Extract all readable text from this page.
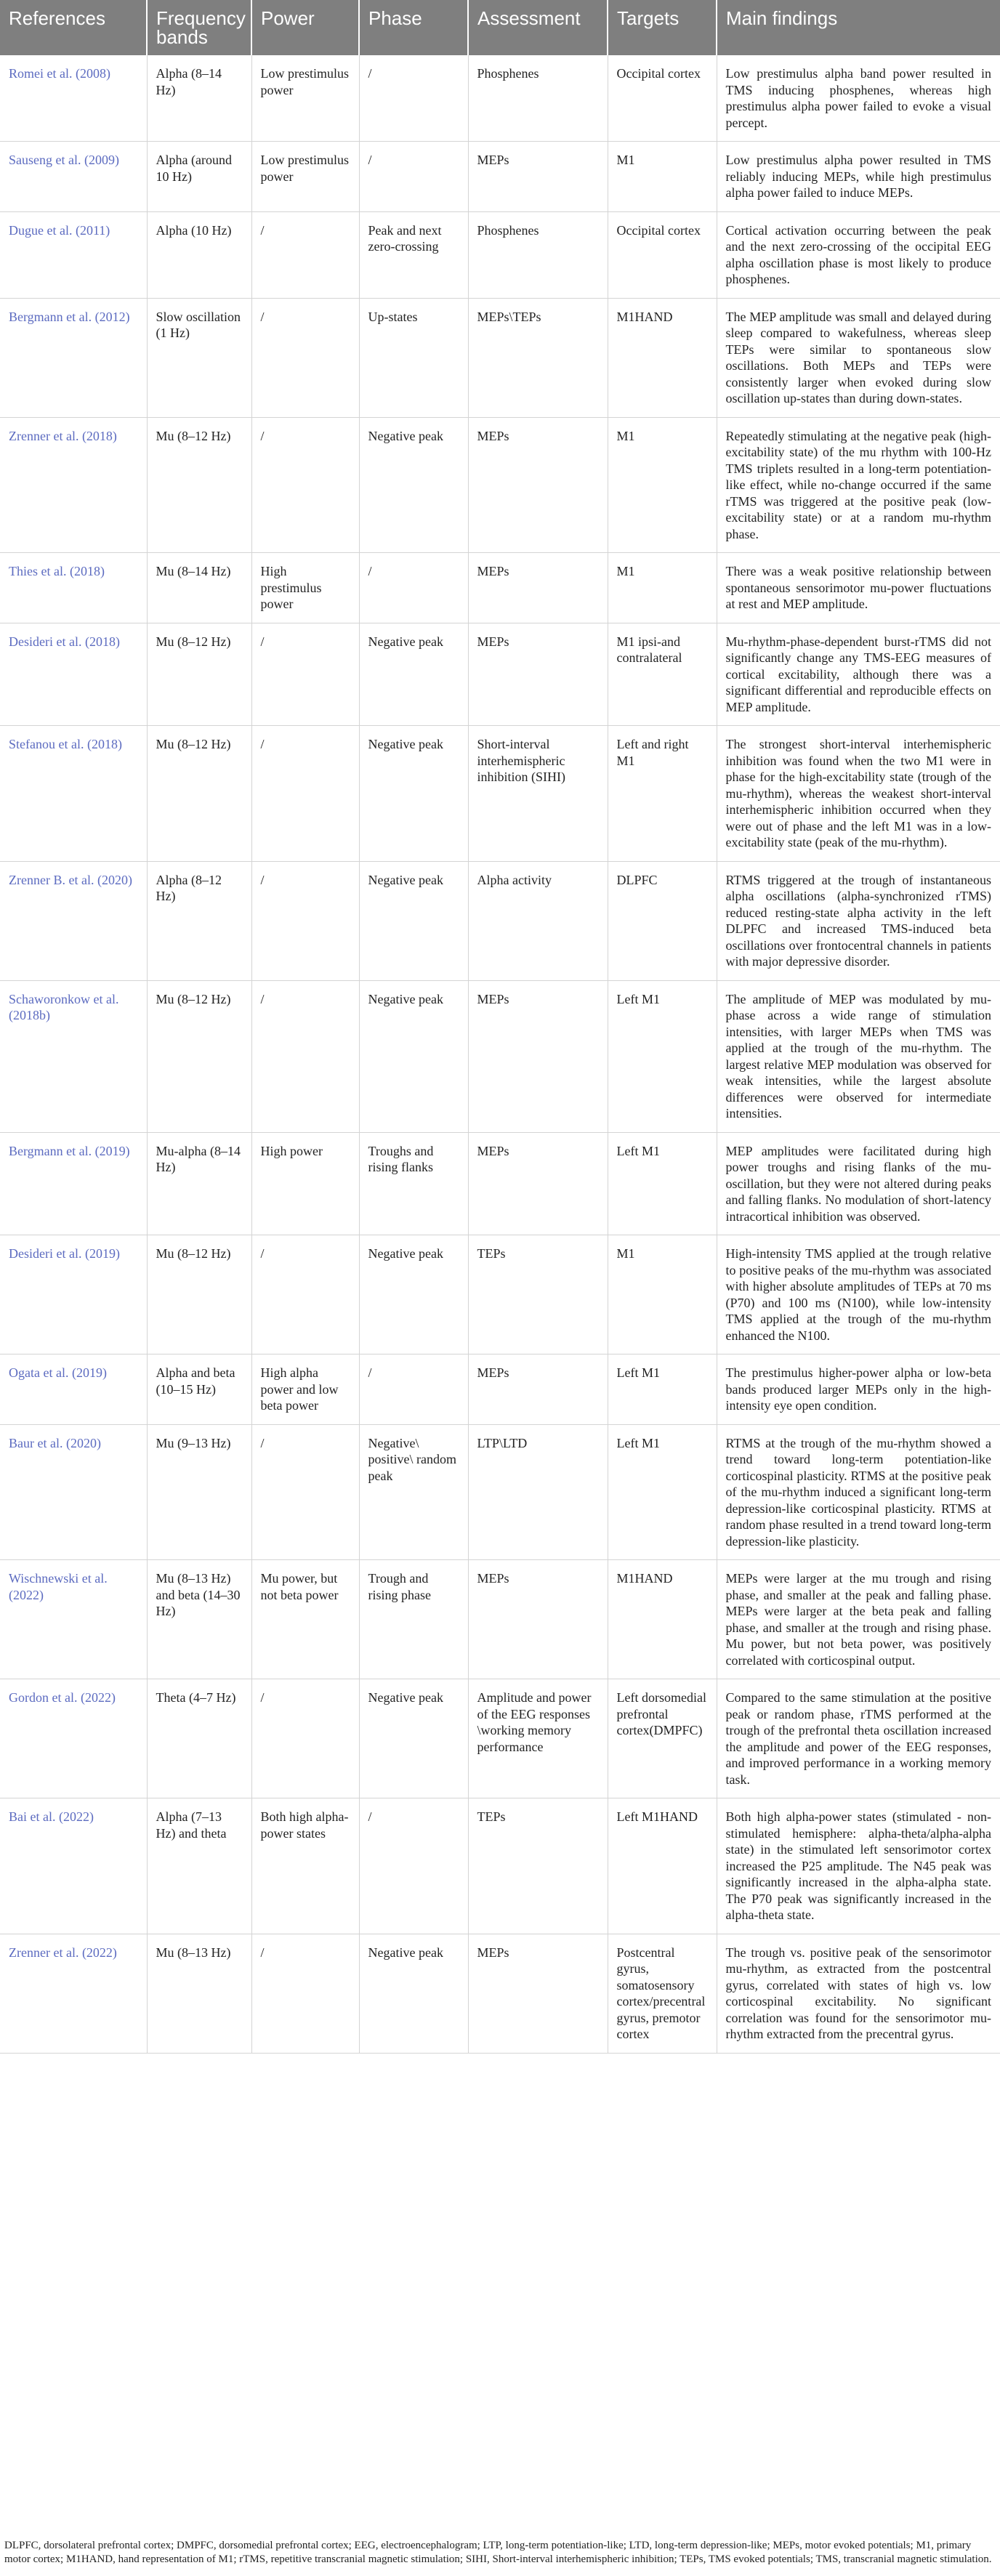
References	Frequency bands	Power	Phase	Assessment	Targets	Main findings
Romei et al. (2008)	Alpha (8–14 Hz)	Low prestimulus power	/	Phosphenes	Occipital cortex	Low prestimulus alpha band power resulted in TMS inducing phosphenes, whereas high prestimulus alpha power failed to evoke a visual percept.
Sauseng et al. (2009)	Alpha (around 10 Hz)	Low prestimulus power	/	MEPs	M1	Low prestimulus alpha power resulted in TMS reliably inducing MEPs, while high prestimulus alpha power failed to induce MEPs.
Dugue et al. (2011)	Alpha (10 Hz)	/	Peak and next zero-crossing	Phosphenes	Occipital cortex	Cortical activation occurring between the peak and the next zero-crossing of the occipital EEG alpha oscillation phase is most likely to produce phosphenes.
Bergmann et al. (2012)	Slow oscillation (1 Hz)	/	Up-states	MEPs\TEPs	M1HAND	The MEP amplitude was small and delayed during sleep compared to wakefulness, whereas sleep TEPs were similar to spontaneous slow oscillations. Both MEPs and TEPs were consistently larger when evoked during slow oscillation up-states than during down-states.
Zrenner et al. (2018)	Mu (8–12 Hz)	/	Negative peak	MEPs	M1	Repeatedly stimulating at the negative peak (high-excitability state) of the mu rhythm with 100-Hz TMS triplets resulted in a long-term potentiation-like effect, while no-change occurred if the same rTMS was triggered at the positive peak (low-excitability state) or at a random mu-rhythm phase.
Thies et al. (2018)	Mu (8–14 Hz)	High prestimulus power	/	MEPs	M1	There was a weak positive relationship between spontaneous sensorimotor mu-power fluctuations at rest and MEP amplitude.
Desideri et al. (2018)	Mu (8–12 Hz)	/	Negative peak	MEPs	M1 ipsi-and contralateral	Mu-rhythm-phase-dependent burst-rTMS did not significantly change any TMS-EEG measures of cortical excitability, although there was a significant differential and reproducible effects on MEP amplitude.
Stefanou et al. (2018)	Mu (8–12 Hz)	/	Negative peak	Short-interval interhemispheric inhibition (SIHI)	Left and right M1	The strongest short-interval interhemispheric inhibition was found when the two M1 were in phase for the high-excitability state (trough of the mu-rhythm), whereas the weakest short-interval interhemispheric inhibition occurred when they were out of phase and the left M1 was in a low-excitability state (peak of the mu-rhythm).
Zrenner B. et al. (2020)	Alpha (8–12 Hz)	/	Negative peak	Alpha activity	DLPFC	RTMS triggered at the trough of instantaneous alpha oscillations (alpha-synchronized rTMS) reduced resting-state alpha activity in the left DLPFC and increased TMS-induced beta oscillations over frontocentral channels in patients with major depressive disorder.
Schaworonkow et al. (2018b)	Mu (8–12 Hz)	/	Negative peak	MEPs	Left M1	The amplitude of MEP was modulated by mu-phase across a wide range of stimulation intensities, with larger MEPs when TMS was applied at the trough of the mu-rhythm. The largest relative MEP modulation was observed for weak intensities, while the largest absolute differences were observed for intermediate intensities.
Bergmann et al. (2019)	Mu-alpha (8–14 Hz)	High power	Troughs and rising flanks	MEPs	Left M1	MEP amplitudes were facilitated during high power troughs and rising flanks of the mu-oscillation, but they were not altered during peaks and falling flanks. No modulation of short-latency intracortical inhibition was observed.
Desideri et al. (2019)	Mu (8–12 Hz)	/	Negative peak	TEPs	M1	High-intensity TMS applied at the trough relative to positive peaks of the mu-rhythm was associated with higher absolute amplitudes of TEPs at 70 ms (P70) and 100 ms (N100), while low-intensity TMS applied at the trough of the mu-rhythm enhanced the N100.
Ogata et al. (2019)	Alpha and beta (10–15 Hz)	High alpha power and low beta power	/	MEPs	Left M1	The prestimulus higher-power alpha or low-beta bands produced larger MEPs only in the high-intensity eye open condition.
Baur et al. (2020)	Mu (9–13 Hz)	/	Negative\ positive\ random peak	LTP\LTD	Left M1	RTMS at the trough of the mu-rhythm showed a trend toward long-term potentiation-like corticospinal plasticity. RTMS at the positive peak of the mu-rhythm induced a significant long-term depression-like corticospinal plasticity. RTMS at random phase resulted in a trend toward long-term depression-like plasticity.
Wischnewski et al. (2022)	Mu (8–13 Hz) and beta (14–30 Hz)	Mu power, but not beta power	Trough and rising phase	MEPs	M1HAND	MEPs were larger at the mu trough and rising phase, and smaller at the peak and falling phase. MEPs were larger at the beta peak and falling phase, and smaller at the trough and rising phase. Mu power, but not beta power, was positively correlated with corticospinal output.
Gordon et al. (2022)	Theta (4–7 Hz)	/	Negative peak	Amplitude and power of the EEG responses \working memory performance	Left dorsomedial prefrontal cortex(DMPFC)	Compared to the same stimulation at the positive peak or random phase, rTMS performed at the trough of the prefrontal theta oscillation increased the amplitude and power of the EEG responses, and improved performance in a working memory task.
Bai et al. (2022)	Alpha (7–13 Hz) and theta	Both high alpha-power states	/	TEPs	Left M1HAND	Both high alpha-power states (stimulated - non-stimulated hemisphere: alpha-theta/alpha-alpha state) in the stimulated left sensorimotor cortex increased the P25 amplitude. The N45 peak was significantly increased in the alpha-alpha state. The P70 peak was significantly increased in the alpha-theta state.
Zrenner et al. (2022)	Mu (8–13 Hz)	/	Negative peak	MEPs	Postcentral gyrus, somatosensory cortex/precentral gyrus, premotor cortex	The trough vs. positive peak of the sensorimotor mu-rhythm, as extracted from the postcentral gyrus, correlated with states of high vs. low corticospinal excitability. No significant correlation was found for the sensorimotor mu-rhythm extracted from the precentral gyrus.
DLPFC, dorsolateral prefrontal cortex; DMPFC, dorsomedial prefrontal cortex; EEG, electroencephalogram; LTP, long-term potentiation-like; LTD, long-term depression-like; MEPs, motor evoked potentials; M1, primary motor cortex; M1HAND, hand representation of M1; rTMS, repetitive transcranial magnetic stimulation; SIHI, Short-interval interhemispheric inhibition; TEPs, TMS evoked potentials; TMS, transcranial magnetic stimulation.
